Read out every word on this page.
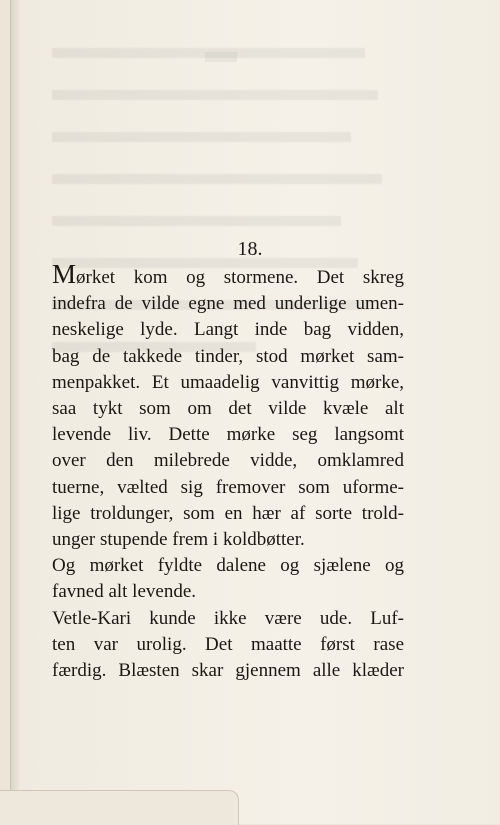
18.
Mørket kom og stormene. Det skreg
indefra de vilde egne med underlige umen-
neskelige lyde. Langt inde bag vidden,
bag de takkede tinder, stod mørket sam-
menpakket. Et umaadelig vanvittig mørke,
saa tykt som om det vilde kvæle alt
levende liv. Dette mørke seg langsomt
over den milebrede vidde, omklamred
tuerne, vælted sig fremover som uforme-
lige troldunger, som en hær af sorte trold-
unger stupende frem i koldbøtter.
Og mørket fyldte dalene og sjælene og
favned alt levende.
Vetle-Kari kunde ikke være ude. Luf-
ten var urolig. Det maatte først rase
færdig. Blæsten skar gjennem alle klæder
